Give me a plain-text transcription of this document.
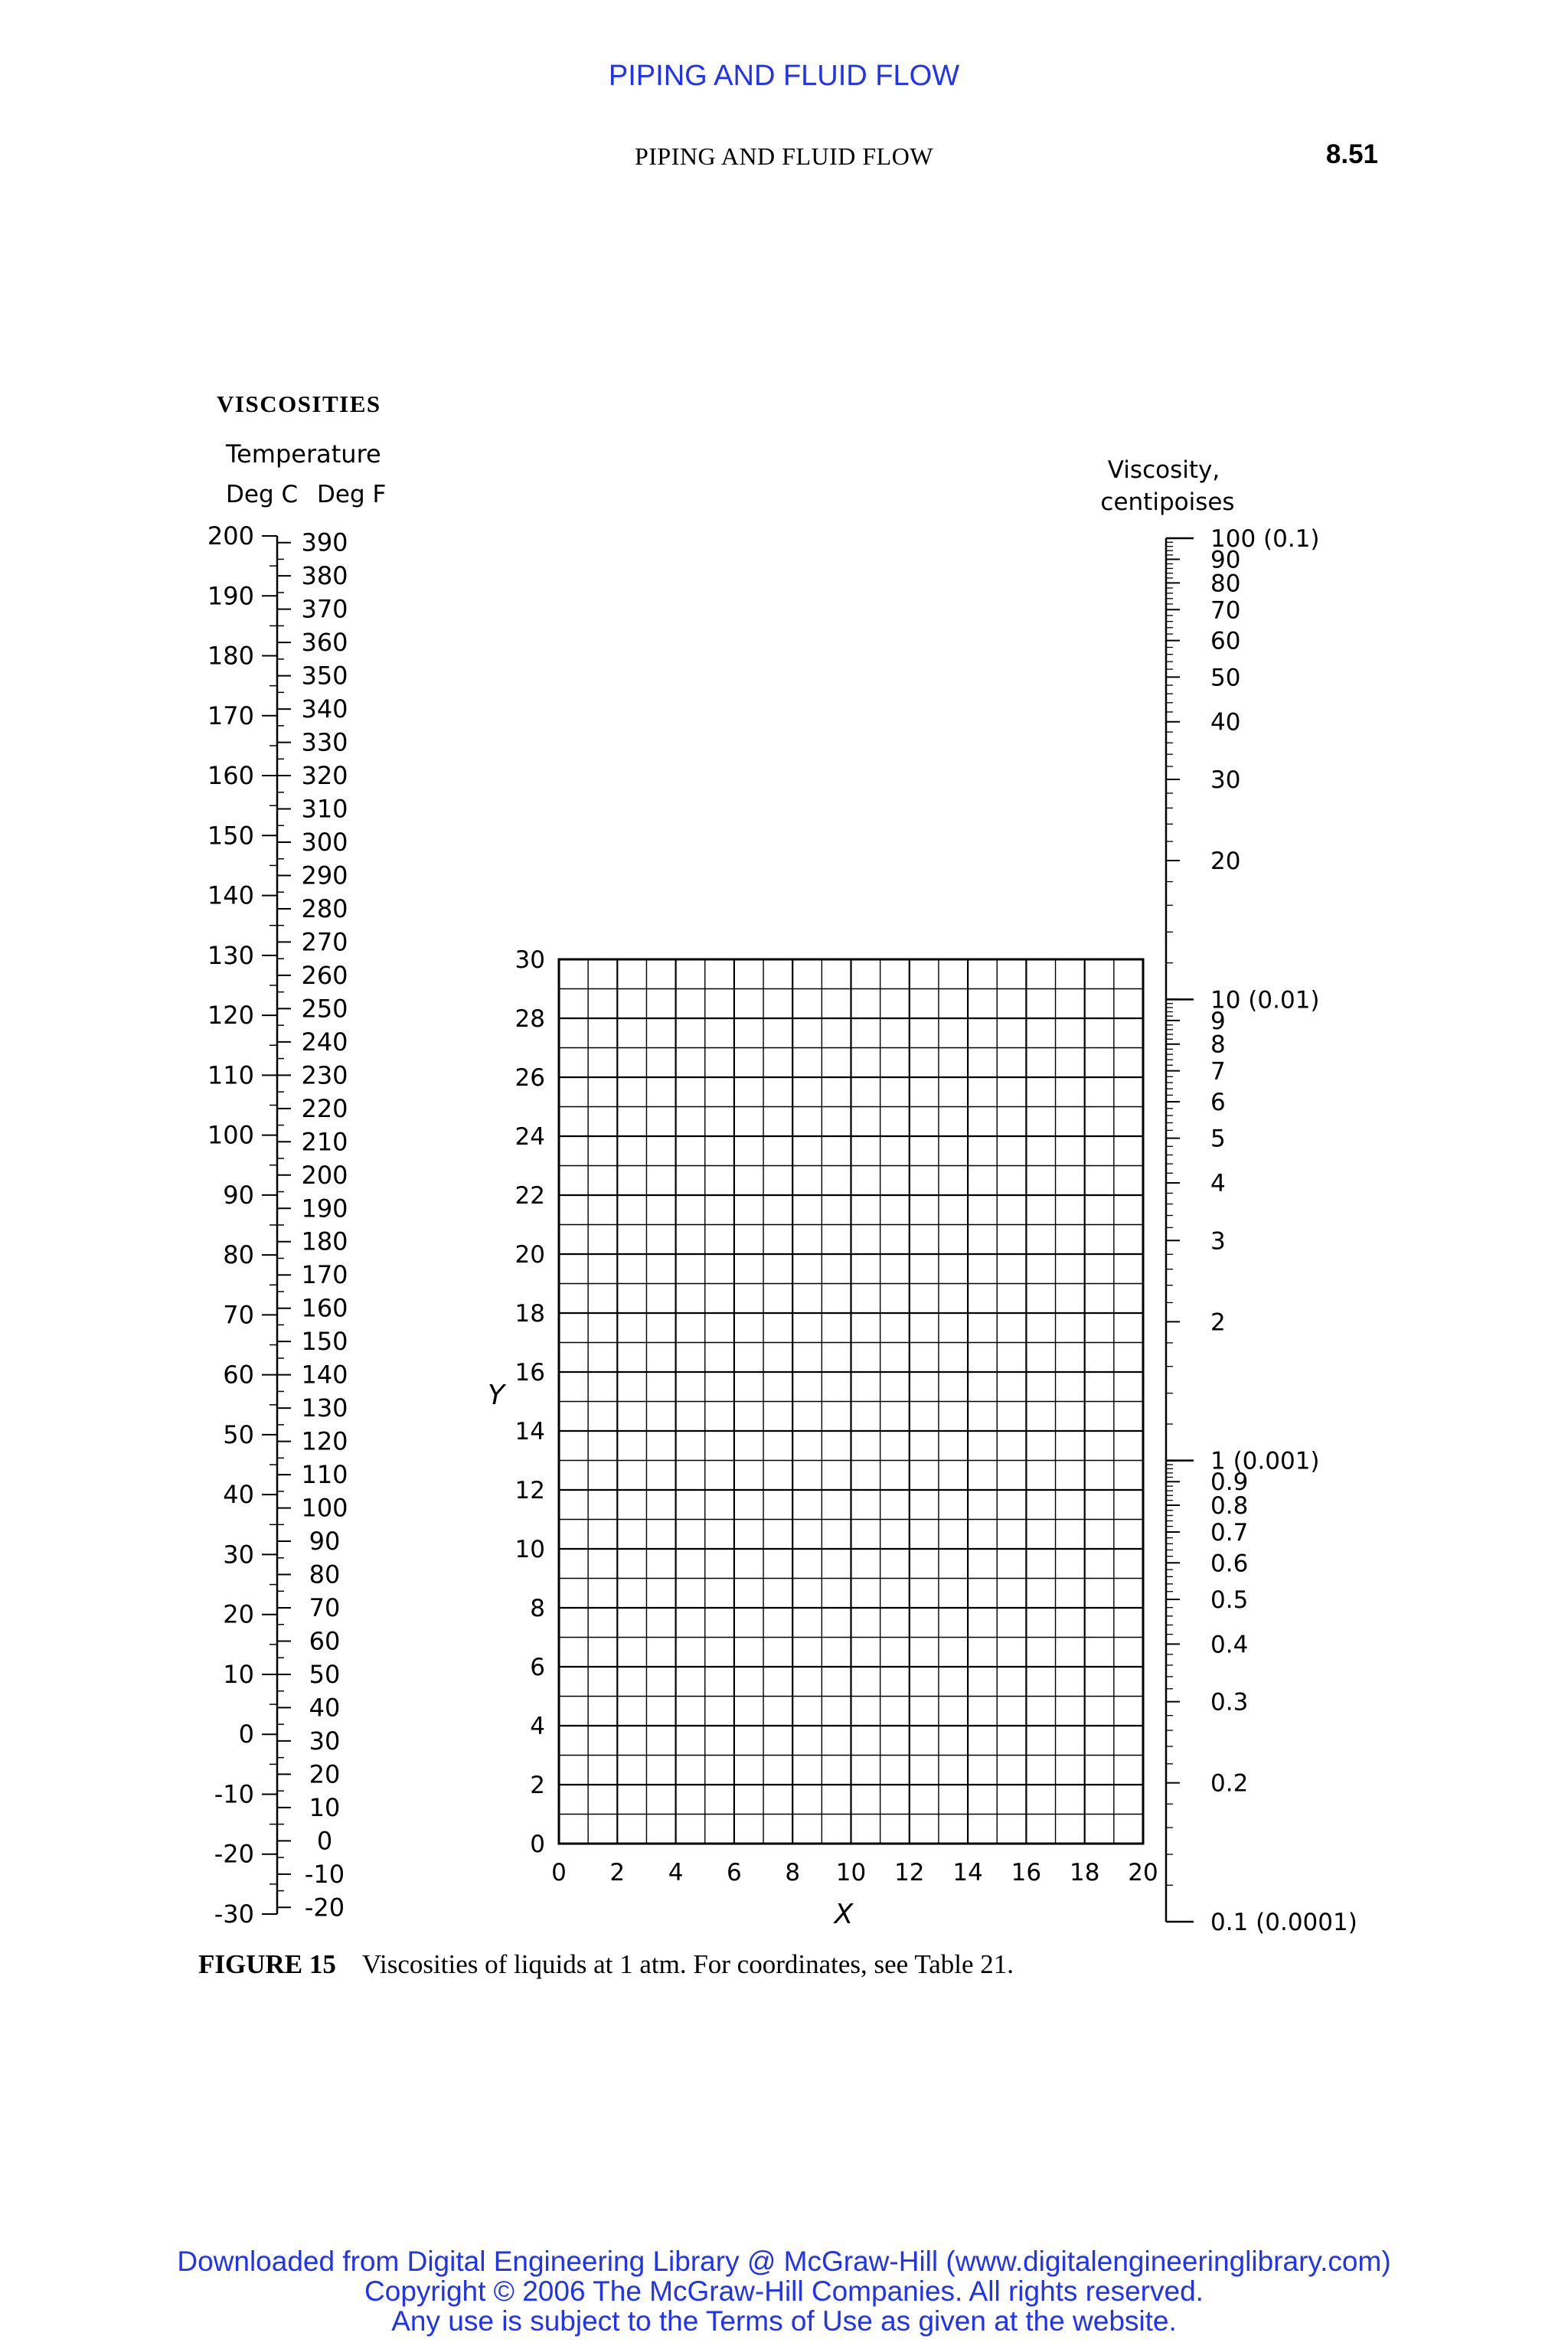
PIPING AND FLUID FLOW
PIPING AND FLUID FLOW	8.51
VISCOSITIES
Temperature
Deg C Deg F
200
190
180
170
160
150
140
130
120
110
100
90
80
70
60
50
40
30
20
10
0
-10
-20
-30
390
380
370
360
350
340
330
320
310
300
290
280
270
260
250
240
230
220
210
200
190
180
170
160
150
140
130
120
110
100
90
80
70
60
50
40
30
20
10
0
-10
-20	X
Y
0 2 4 6 8 10 12 14 16 18 20
0
2
4
6
8
10
12
14
16
18
20
22
24
26
28
30
Viscosity,
centipoises
100 (0.1)
90
80
70
60
50
40
30
20
10 (0.01)
9
8
7
6
5
4
3
2
1 (0.001)
0.9
0.8
0.7
0.6
0.5
0.4
0.3
0.2
0.1 (0.0001)
FIGURE 15 Viscosities of liquids at 1 atm. For coordinates, see Table 21.
Downloaded from Digital Engineering Library @ McGraw-Hill (www.digitalengineeringlibrary.com)
Copyright © 2006 The McGraw-Hill Companies. All rights reserved.
Any use is subject to the Terms of Use as given at the website.
